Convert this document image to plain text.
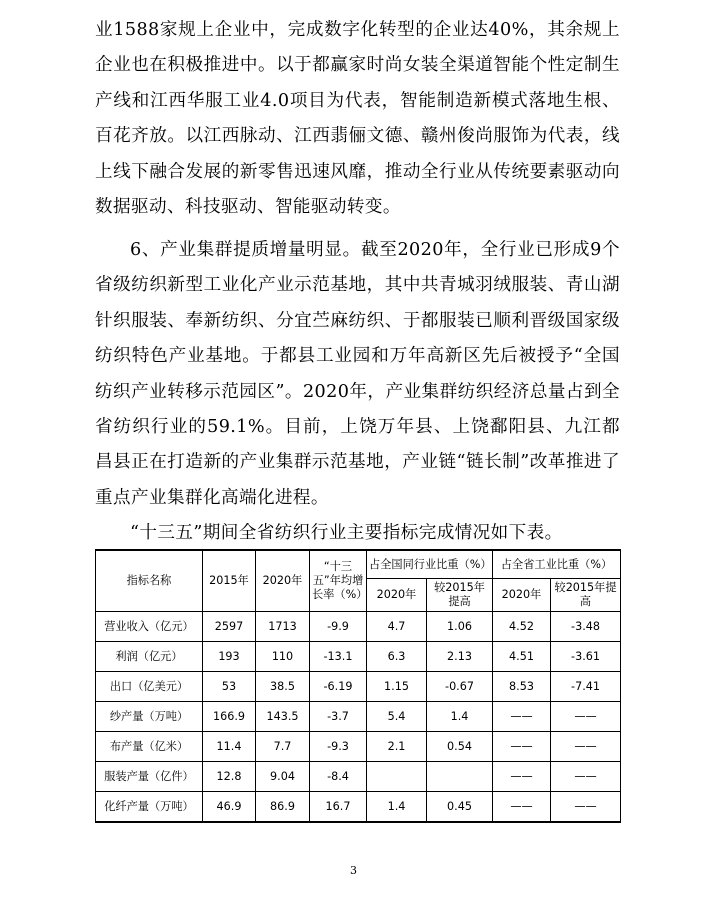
业1588家规上企业中，完成数字化转型的企业达40%，其余规上企业也在积极推进中。以于都赢家时尚女装全渠道智能个性定制生产线和江西华服工业4.0项目为代表，智能制造新模式落地生根、百花齐放。以江西脉动、江西翡俪文德、赣州俊尚服饰为代表，线上线下融合发展的新零售迅速风靡，推动全行业从传统要素驱动向数据驱动、科技驱动、智能驱动转变。

6、产业集群提质增量明显。截至2020年，全行业已形成9个省级纺织新型工业化产业示范基地，其中共青城羽绒服装、青山湖针织服装、奉新纺织、分宜苎麻纺织、于都服装已顺利晋级国家级纺织特色产业基地。于都县工业园和万年高新区先后被授予“全国纺织产业转移示范园区”。2020年，产业集群纺织经济总量占到全省纺织行业的59.1%。目前，上饶万年县、上饶鄱阳县、九江都昌县正在打造新的产业集群示范基地，产业链“链长制”改革推进了重点产业集群化高端化进程。

“十三五”期间全省纺织行业主要指标完成情况如下表。

指标名称	2015年	2020年	“十三五”年均增长率（%）	占全国同行业比重（%）		占全省工业比重（%）	
				2020年	较2015年提高	2020年	较2015年提高
营业收入（亿元）	2597	1713	-9.9	4.7	1.06	4.52	-3.48
利润（亿元）	193	110	-13.1	6.3	2.13	4.51	-3.61
出口（亿美元）	53	38.5	-6.19	1.15	-0.67	8.53	-7.41
纱产量（万吨）	166.9	143.5	-3.7	5.4	1.4	——	——
布产量（亿米）	11.4	7.7	-9.3	2.1	0.54	——	——
服装产量（亿件）	12.8	9.04	-8.4			——	——
化纤产量（万吨）	46.9	86.9	16.7	1.4	0.45	——	——
3
